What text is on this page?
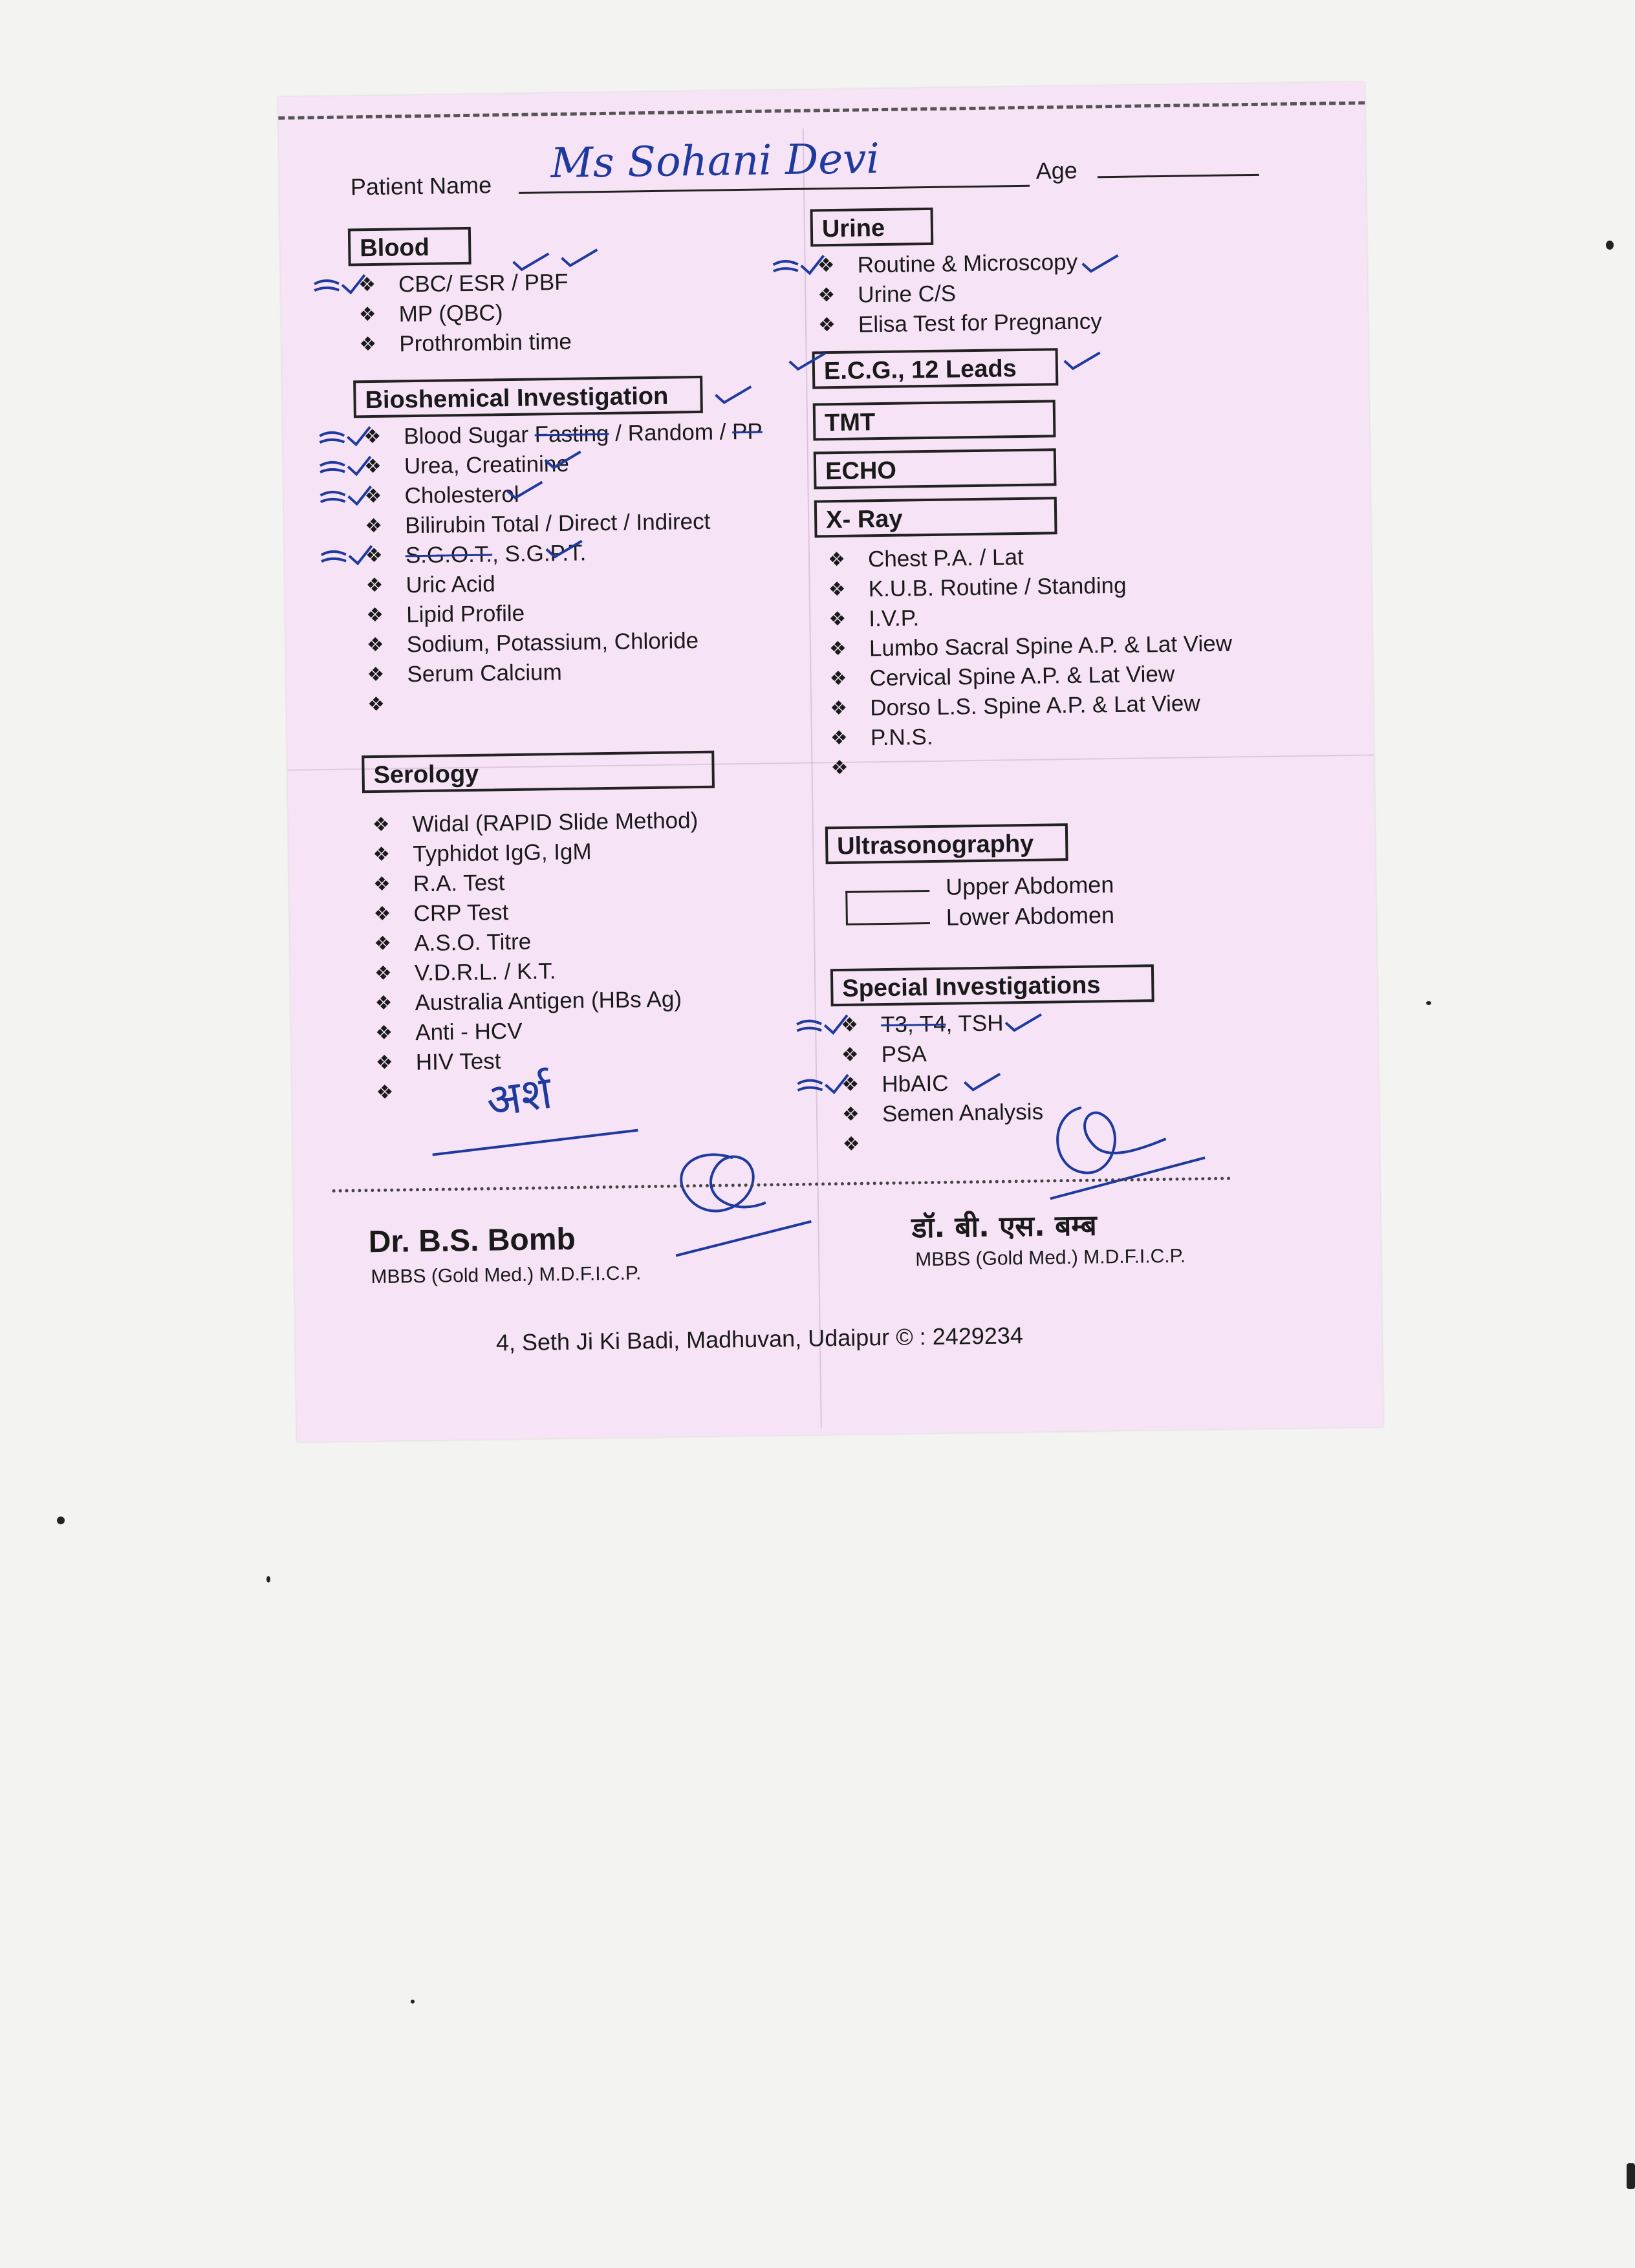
Patient Name Ms Sohani Devi	Age
Blood
❖ CBC/ ESR / PBF
❖ MP (QBC)
❖ Prothrombin time
Bioshemical Investigation
❖ Blood Sugar Fasting / Random / PP
❖ Urea, Creatinine
❖ Cholesterol
❖ Bilirubin Total / Direct / Indirect
❖ S.G.O.T., S.G.P.T.
❖ Uric Acid
❖ Lipid Profile
❖ Sodium, Potassium, Chloride
❖ Serum Calcium
❖
Serology
❖ Widal (RAPID Slide Method)
❖ Typhidot IgG, IgM
❖ R.A. Test
❖ CRP Test
❖ A.S.O. Titre
❖ V.D.R.L. / K.T.
❖ Australia Antigen (HBs Ag)
❖ Anti - HCV
❖ HIV Test
❖
Urine
❖ Routine & Microscopy
❖ Urine C/S
❖ Elisa Test for Pregnancy
E.C.G., 12 Leads
TMT
ECHO
X- Ray
❖ Chest P.A. / Lat
❖ K.U.B. Routine / Standing
❖ I.V.P.
❖ Lumbo Sacral Spine A.P. & Lat View
❖ Cervical Spine A.P. & Lat View
❖ Dorso L.S. Spine A.P. & Lat View
❖ P.N.S.
❖
Ultrasonography
Upper Abdomen
Lower Abdomen
Special Investigations
❖ T3, T4, TSH
❖ PSA
❖ HbAIC
❖ Semen Analysis
❖
अर्श
Dr. B.S. Bomb
MBBS (Gold Med.) M.D.F.I.C.P.
डॉ. बी. एस. बम्ब
MBBS (Gold Med.) M.D.F.I.C.P.
4, Seth Ji Ki Badi, Madhuvan, Udaipur © : 2429234
